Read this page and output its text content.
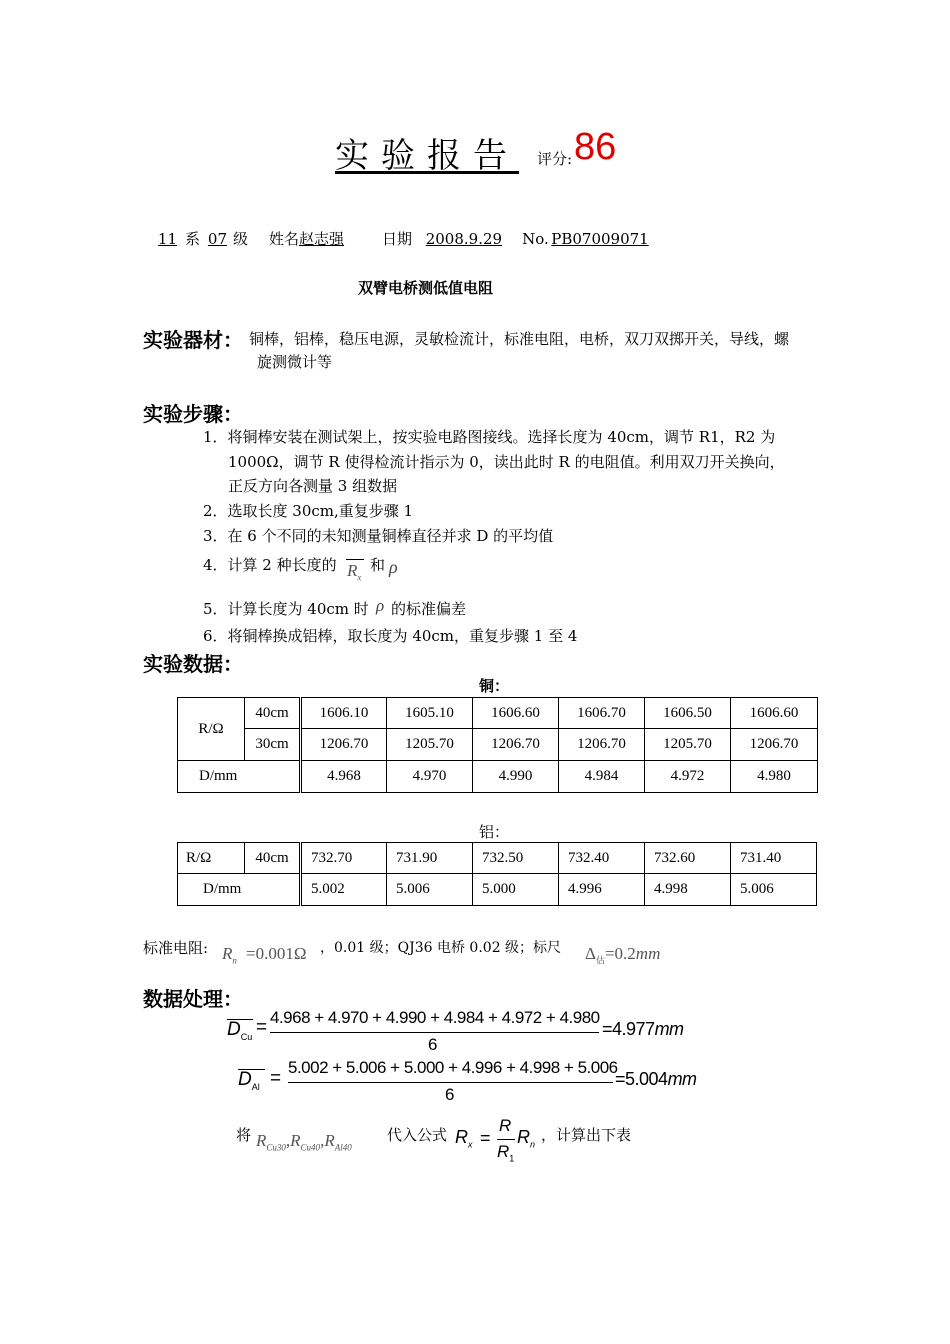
实验报告 评分: 86
11 系 07 级 姓名赵志强	日期 2008.9.29 No. PB07009071
双臂电桥测低值电阻
实验器材： 铜棒，铝棒，稳压电源，灵敏检流计，标准电阻，电桥，双刀双掷开关，导线，螺
旋测微计等
实验步骤：
1．将铜棒安装在测试架上，按实验电路图接线。选择长度为 40cm，调节 R1，R2 为
1000Ω，调节 R 使得检流计指示为 0，读出此时 R 的电阻值。利用双刀开关换向，
正反方向各测量 3 组数据
2．选取长度 30cm,重复步骤 1
3．在 6 个不同的未知测量铜棒直径并求 D 的平均值
4．计算 2 种长度的 $R_x$
和 ρ
5．计算长度为 40cm 时 ρ 的标准偏差
6．将铜棒换成铝棒，取长度为 40cm，重复步骤 1 至 4
实验数据：
铜：
R/Ω	40cm	1606.10	1605.10	1606.60	1606.70	1606.50	1606.60
	30cm	1206.70	1205.70	1206.70	1206.70	1205.70	1206.70
D/mm		4.968	4.970	4.990	4.984	4.972	4.980
铝：
R/Ω	40cm	732.70	731.90	732.50	732.40	732.60	731.40
D/mm		5.002	5.006	5.000	4.996	4.998	5.006
标准电阻: $R_n =0.001\Omega$ ，0.01 级；QJ36 电桥 0.02 级；标尺 $\Delta_估=0.2mm$
数据处理：
$D_{Cu} = 4.968 + 4.970 + 4.990 + 4.984 + 4.972 + 4.980$
6
=4.977mm
$D_{Al}$ =
5.002 + 5.006 + 5.000 + 4.996 + 4.998 + 5.006
6
=5.004mm
将 $R_{Cu30},R_{Cu40},R_{Al40}$
代入公式 $R_x$ =
R
$R_1$
$R_n$
，计算出下表
